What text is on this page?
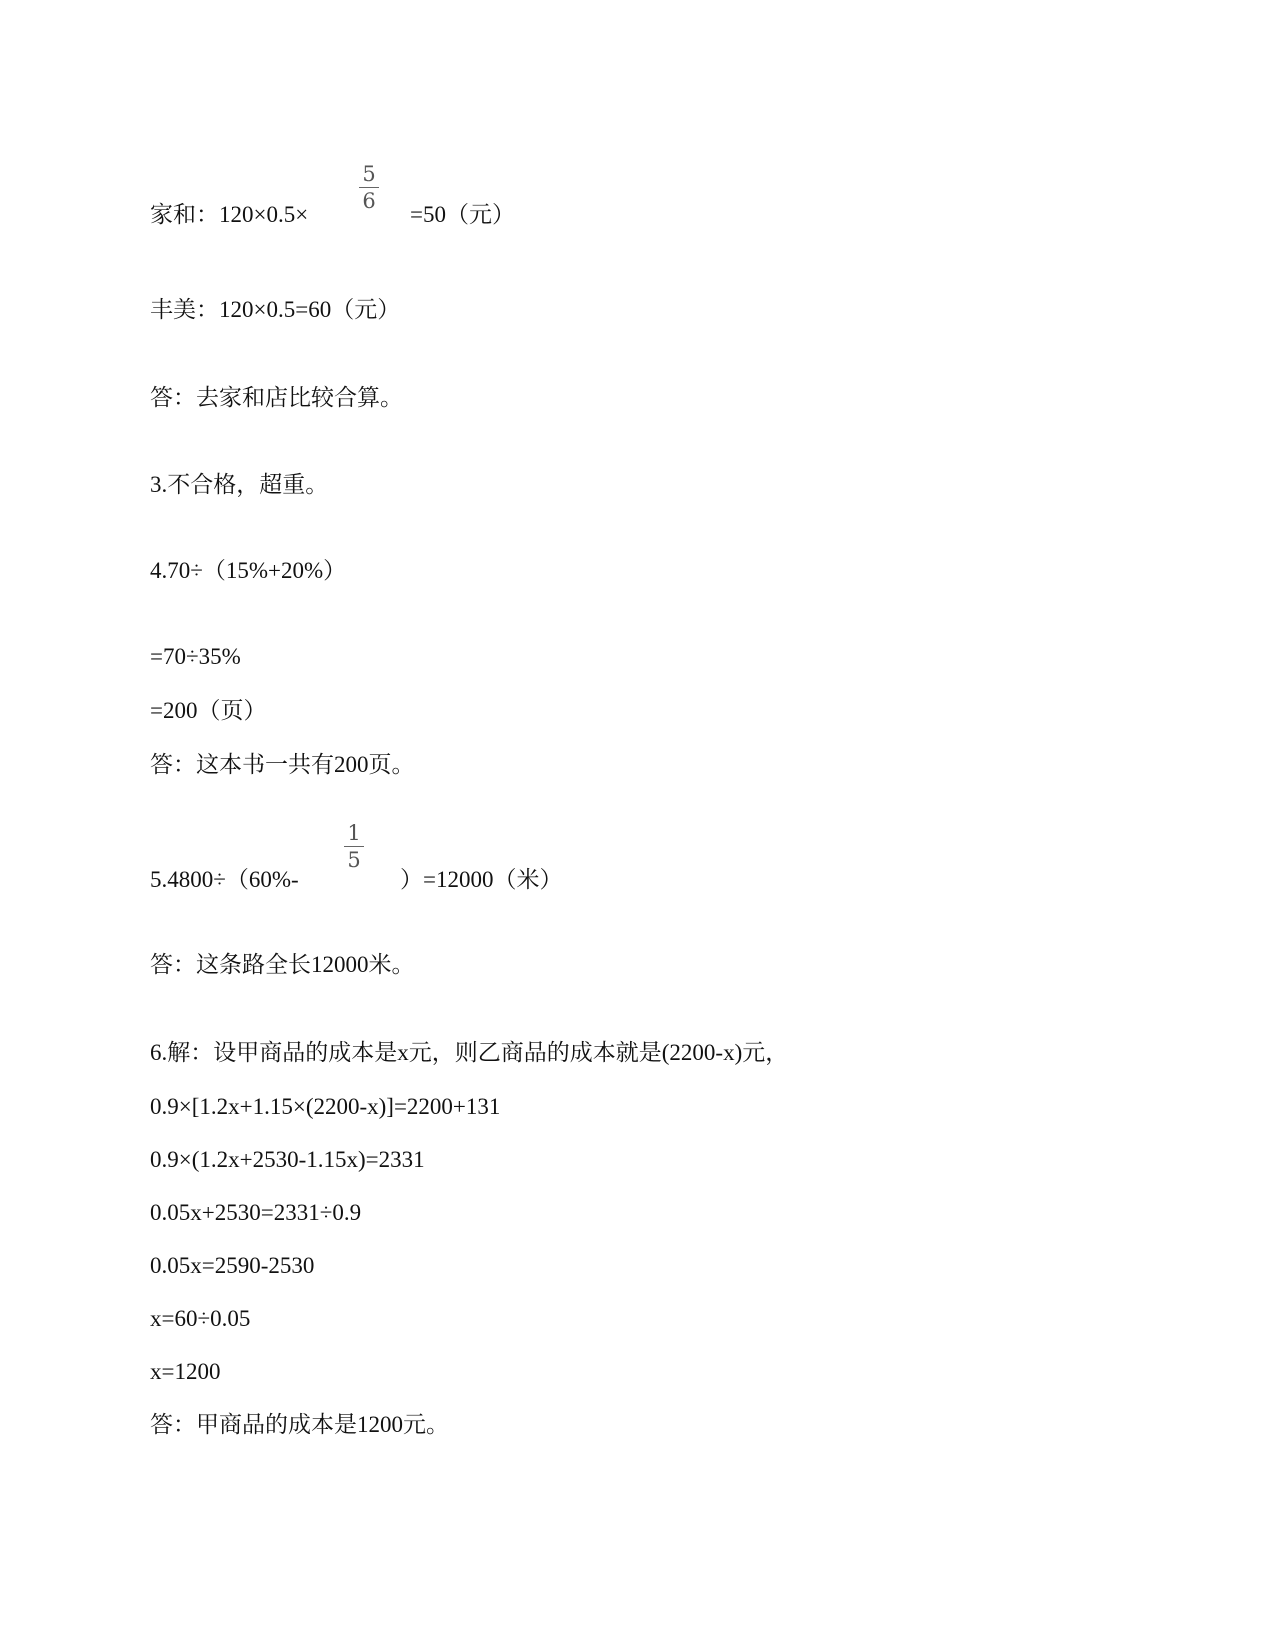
家和：120×0.5×	=50（元）
5
6
丰美：120×0.5=60（元）
答：去家和店比较合算。
3.不合格，超重。
4.70÷（15%+20%）
=70÷35%
=200（页）
答：这本书一共有200页。
5.4800÷（60%-	）=12000（米）
1
5
答：这条路全长12000米。
6.解：设甲商品的成本是x元，则乙商品的成本就是(2200-x)元，
0.9×[1.2x+1.15×(2200-x)]=2200+131
0.9×(1.2x+2530-1.15x)=2331
0.05x+2530=2331÷0.9
0.05x=2590-2530
x=60÷0.05
x=1200
答：甲商品的成本是1200元。
